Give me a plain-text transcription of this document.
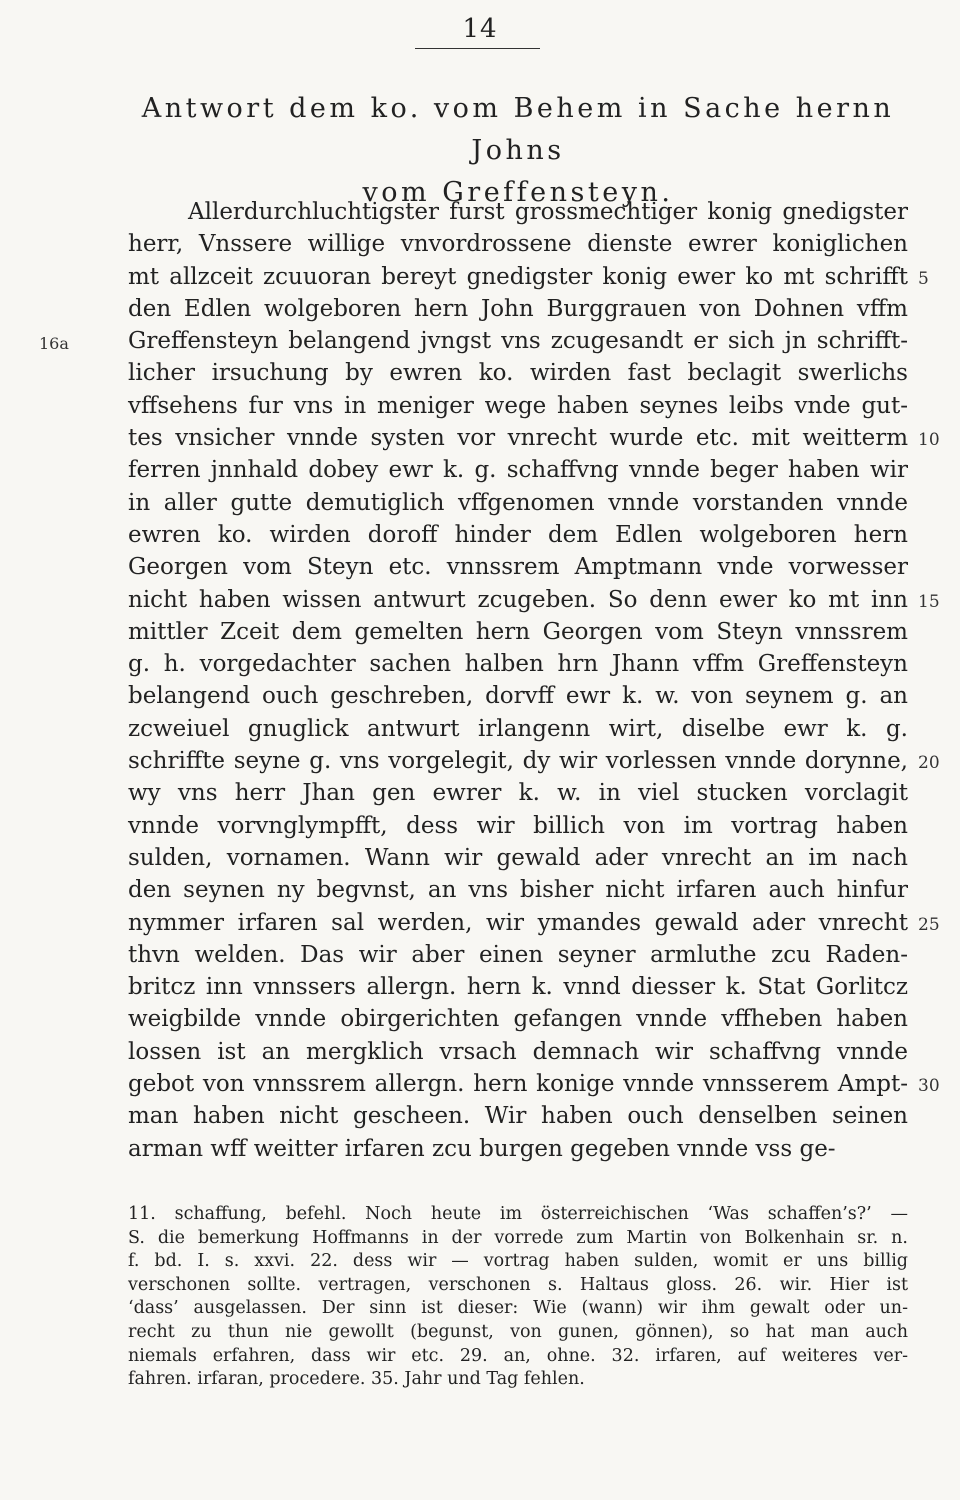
14
Antwort dem ko. vom Behem in Sache hernn Johns
vom Greffensteyn.
Allerdurchluchtigster furst grossmechtiger konig gnedigster
herr, Vnssere willige vnvordrossene dienste ewrer koniglichen
mt allzceit zcuuoran bereyt gnedigster konig ewer ko mt schrifft 5
den Edlen wolgeboren hern John Burggrauen von Dohnen vffm
16a	Greffensteyn belangend jvngst vns zcugesandt er sich jn schrifft-
licher irsuchung by ewren ko. wirden fast beclagit swerlichs
vffsehens fur vns in meniger wege haben seynes leibs vnde gut-
tes vnsicher vnnde systen vor vnrecht wurde etc. mit weitterm 10
ferren jnnhald dobey ewr k. g. schaffvng vnnde beger haben wir
in aller gutte demutiglich vffgenomen vnnde vorstanden vnnde
ewren ko. wirden doroff hinder dem Edlen wolgeboren hern
Georgen vom Steyn etc. vnnssrem Amptmann vnde vorwesser
nicht haben wissen antwurt zcugeben. So denn ewer ko mt inn 15
mittler Zceit dem gemelten hern Georgen vom Steyn vnnssrem
g. h. vorgedachter sachen halben hrn Jhann vffm Greffensteyn
belangend ouch geschreben, dorvff ewr k. w. von seynem g. an
zcweiuel gnuglick antwurt irlangenn wirt, diselbe ewr k. g.
schriffte seyne g. vns vorgelegit, dy wir vorlessen vnnde dorynne, 20
wy vns herr Jhan gen ewrer k. w. in viel stucken vorclagit
vnnde vorvnglympfft, dess wir billich von im vortrag haben
sulden, vornamen. Wann wir gewald ader vnrecht an im nach
den seynen ny begvnst, an vns bisher nicht irfaren auch hinfur
nymmer irfaren sal werden, wir ymandes gewald ader vnrecht 25
thvn welden. Das wir aber einen seyner armluthe zcu Raden-
britcz inn vnnssers allergn. hern k. vnnd diesser k. Stat Gorlitcz
weigbilde vnnde obirgerichten gefangen vnnde vffheben haben
lossen ist an mergklich vrsach demnach wir schaffvng vnnde
gebot von vnnssrem allergn. hern konige vnnde vnnsserem Ampt- 30
man haben nicht gescheen. Wir haben ouch denselben seinen
arman wff weitter irfaren zcu burgen gegeben vnnde vss ge-
11. schaffung, befehl. Noch heute im österreichischen ‘Was schaffen’s?’ —
S. die bemerkung Hoffmanns in der vorrede zum Martin von Bolkenhain sr. n.
f. bd. I. s. xxvi. 22. dess wir — vortrag haben sulden, womit er uns billig
verschonen sollte. vertragen, verschonen s. Haltaus gloss. 26. wir. Hier ist
‘dass’ ausgelassen. Der sinn ist dieser: Wie (wann) wir ihm gewalt oder un-
recht zu thun nie gewollt (begunst, von gunen, gönnen), so hat man auch
niemals erfahren, dass wir etc. 29. an, ohne. 32. irfaren, auf weiteres ver-
fahren. irfaran, procedere. 35. Jahr und Tag fehlen.
